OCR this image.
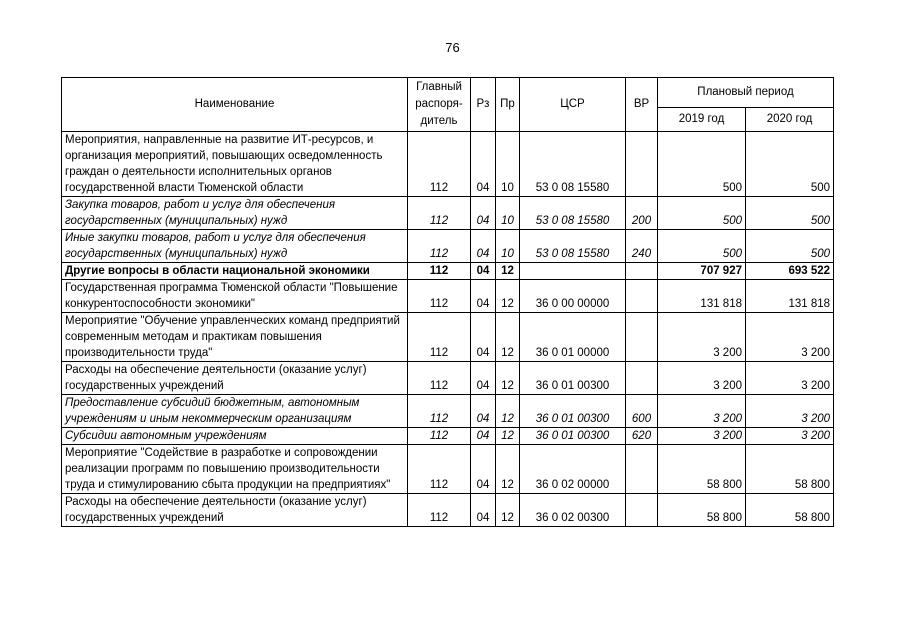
76
Наименование	Главный распоря-дитель	Рз	Пр	ЦСР	ВР	Плановый период	
						2019 год	2020 год
Мероприятия, направленные на развитие ИТ-ресурсов, и организация мероприятий, повышающих осведомленность граждан о деятельности исполнительных органов государственной власти Тюменской области	112	04	10	53 0 08 15580		500	500
Закупка товаров, работ и услуг для обеспечения государственных (муниципальных) нужд	112	04	10	53 0 08 15580	200	500	500
Иные закупки товаров, работ и услуг для обеспечения государственных (муниципальных) нужд	112	04	10	53 0 08 15580	240	500	500
Другие вопросы в области национальной экономики	112	04	12			707 927	693 522
Государственная программа Тюменской области "Повышение конкурентоспособности экономики"	112	04	12	36 0 00 00000		131 818	131 818
Мероприятие "Обучение управленческих команд предприятий современным методам и практикам повышения производительности труда"	112	04	12	36 0 01 00000		3 200	3 200
Расходы на обеспечение деятельности (оказание услуг) государственных учреждений	112	04	12	36 0 01 00300		3 200	3 200
Предоставление субсидий бюджетным, автономным учреждениям и иным некоммерческим организациям	112	04	12	36 0 01 00300	600	3 200	3 200
Субсидии автономным учреждениям	112	04	12	36 0 01 00300	620	3 200	3 200
Мероприятие "Содействие в разработке и сопровождении реализации программ по повышению производительности труда и стимулированию сбыта продукции на предприятиях"	112	04	12	36 0 02 00000		58 800	58 800
Расходы на обеспечение деятельности (оказание услуг) государственных учреждений	112	04	12	36 0 02 00300		58 800	58 800
